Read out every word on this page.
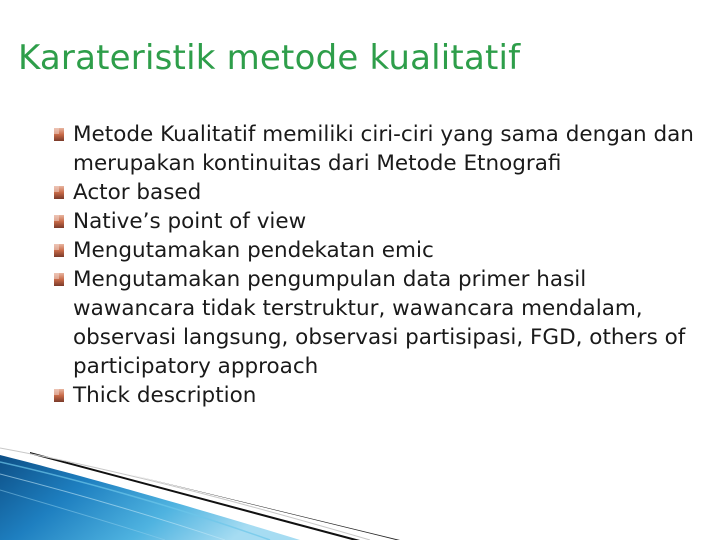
Karateristik metode kualitatif
Metode Kualitatif memiliki ciri-ciri yang sama dengan dan merupakan kontinuitas dari Metode Etnografi
Actor based
Native’s point of view
Mengutamakan pendekatan emic
Mengutamakan pengumpulan data primer hasil wawancara tidak terstruktur, wawancara mendalam, observasi langsung, observasi partisipasi, FGD, others of participatory approach
Thick description
